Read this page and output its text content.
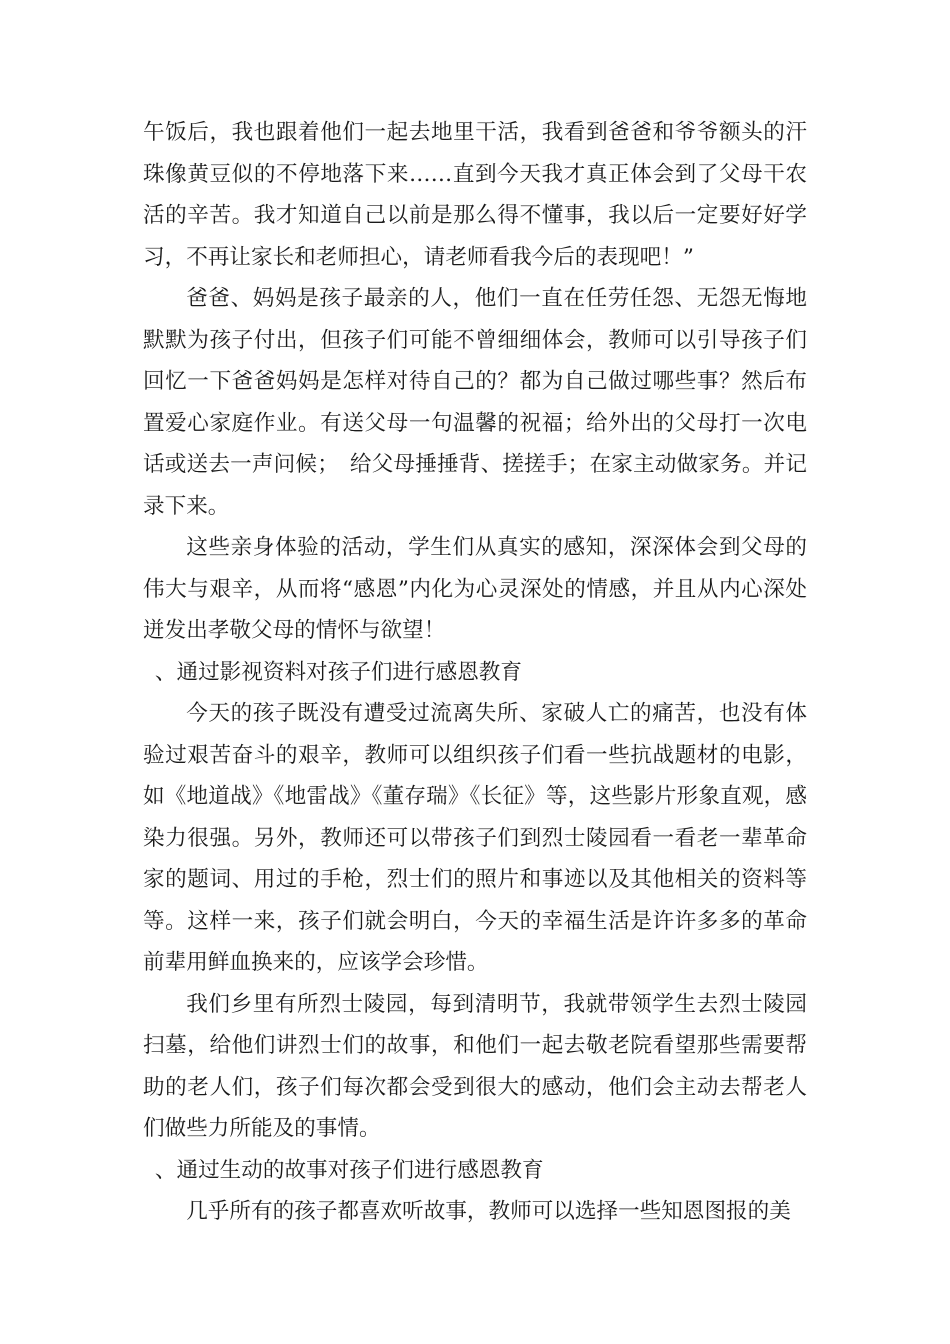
午饭后，我也跟着他们一起去地里干活，我看到爸爸和爷爷额头的汗珠像黄豆似的不停地落下来……直到今天我才真正体会到了父母干农活的辛苦。我才知道自己以前是那么得不懂事，我以后一定要好好学习，不再让家长和老师担心，请老师看我今后的表现吧！”

爸爸、妈妈是孩子最亲的人，他们一直在任劳任怨、无怨无悔地默默为孩子付出，但孩子们可能不曾细细体会，教师可以引导孩子们回忆一下爸爸妈妈是怎样对待自己的？都为自己做过哪些事？然后布置爱心家庭作业。有送父母一句温馨的祝福；给外出的父母打一次电话或送去一声问候；　给父母捶捶背、搓搓手；在家主动做家务。并记录下来。

这些亲身体验的活动，学生们从真实的感知，深深体会到父母的伟大与艰辛，从而将“感恩”内化为心灵深处的情感，并且从内心深处迸发出孝敬父母的情怀与欲望！

、通过影视资料对孩子们进行感恩教育

今天的孩子既没有遭受过流离失所、家破人亡的痛苦，也没有体验过艰苦奋斗的艰辛，教师可以组织孩子们看一些抗战题材的电影，如《地道战》《地雷战》《董存瑞》《长征》等，这些影片形象直观，感染力很强。另外，教师还可以带孩子们到烈士陵园看一看老一辈革命家的题词、用过的手枪，烈士们的照片和事迹以及其他相关的资料等等。这样一来，孩子们就会明白，今天的幸福生活是许许多多的革命前辈用鲜血换来的，应该学会珍惜。

我们乡里有所烈士陵园，每到清明节，我就带领学生去烈士陵园扫墓，给他们讲烈士们的故事，和他们一起去敬老院看望那些需要帮助的老人们，孩子们每次都会受到很大的感动，他们会主动去帮老人们做些力所能及的事情。

、通过生动的故事对孩子们进行感恩教育

几乎所有的孩子都喜欢听故事，教师可以选择一些知恩图报的美
